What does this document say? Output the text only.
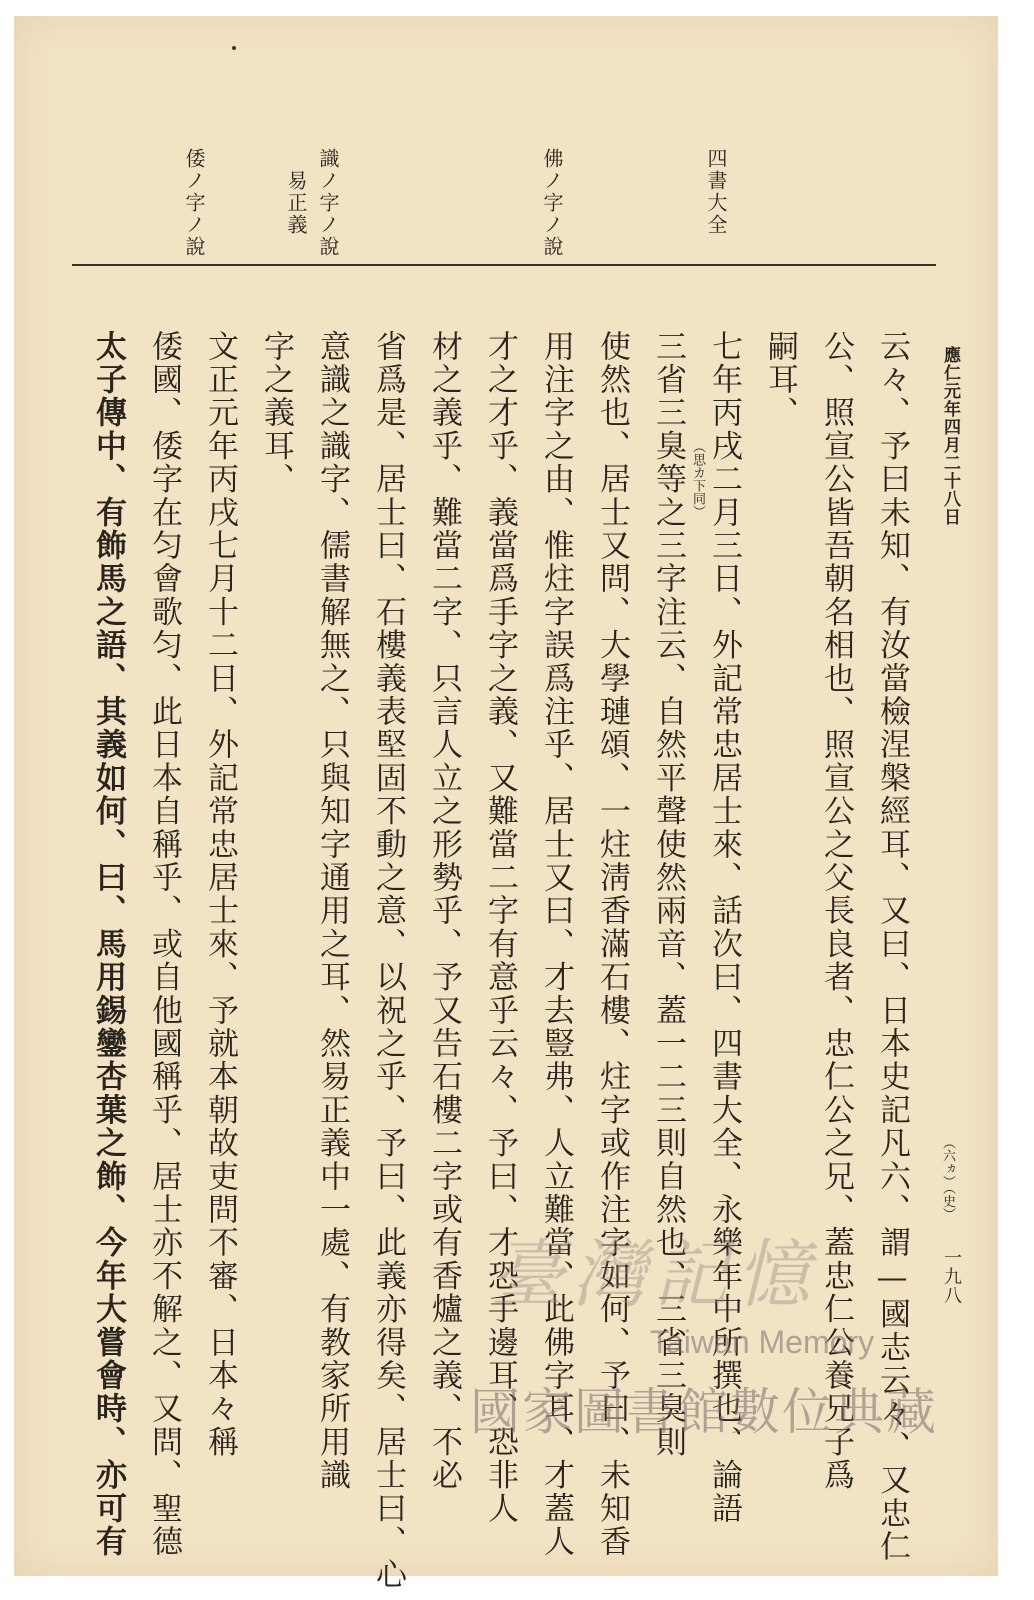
四書大全
佛ノ字ノ說
識ノ字ノ說
易正義
倭ノ字ノ說
應仁元年四月二十八日
（六ヵ）（史）
一九八
云々、予曰未知、有汝當檢涅槃經耳、又曰、日本史記凡六、謂—國志云々、又忠仁
公、照宣公皆吾朝名相也、照宣公之父長良者、忠仁公之兄、蓋忠仁公養兄子爲
嗣耳、
七年丙戌二月三日、外記常忠居士來、話次曰、四書大全、永樂年中所撰也、論語
三省三臭等之三字注云、自然平聲使然兩音、蓋一二三則自然也、三省三臭則 （思カ下同）
使然也、居士又問、大學璉頌、一炷淸香滿石樓、炷字或作注字如何、予曰、未知香
用注字之由、惟炷字誤爲注乎、居士又曰、才去豎弗、人立難當、此佛字耳、才蓋人
才之才乎、義當爲手字之義、又難當二字有意乎云々、予曰、才恐手邊耳、恐非人
材之義乎、難當二字、只言人立之形勢乎、予又告石樓二字或有香爐之義、不必
省爲是、居士曰、石樓義表堅固不動之意、以祝之乎、予曰、此義亦得矣、居士曰、心
意識之識字、儒書解無之、只與知字通用之耳、然易正義中一處、有教家所用識
字之義耳、
文正元年丙戌七月十二日、外記常忠居士來、予就本朝故吏問不審、日本々稱
倭國、倭字在匀會歌匀、此日本自稱乎、或自他國稱乎、居士亦不解之、又問、聖德
太子傳中、有飾馬之語、其義如何、曰、馬用錫鑾杏葉之飾、今年大嘗會時、亦可有	臺灣記憶
Taiwan Memory
國家圖書館數位典藏
